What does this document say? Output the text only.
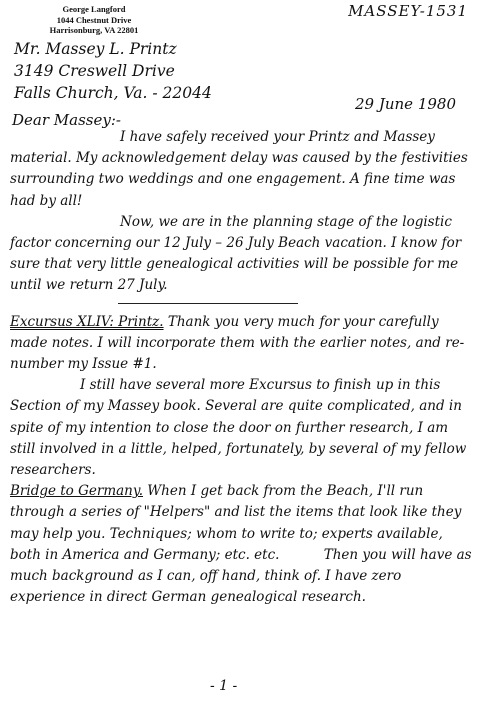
George Langford
1044 Chestnut Drive
Harrisonburg, VA 22801
MASSEY-1531
Mr. Massey L. Printz
3149 Creswell Drive
Falls Church, Va. - 22044
29 June 1980
Dear Massey:-

I have safely received your Printz and Massey material. My acknowledgement delay was caused by the festivities surrounding two weddings and one engagement. A fine time was had by all!

Now, we are in the planning stage of the logistic factor concerning our 12 July – 26 July Beach vacation. I know for sure that very little genealogical activities will be possible for me until we return 27 July.

Excursus XLIV: Printz. Thank you very much for your carefully made notes. I will incorporate them with the earlier notes, and re-number my Issue #1.

I still have several more Excursus to finish up in this Section of my Massey book. Several are quite complicated, and in spite of my intention to close the door on further research, I am still involved in a little, helped, fortunately, by several of my fellow researchers.

Bridge to Germany. When I get back from the Beach, I'll run through a series of "Helpers" and list the items that look like they may help you. Techniques; whom to write to; experts available, both in America and Germany; etc. etc.	Then you will have as much background as I can, off hand, think of. I have zero experience in direct German genealogical research.

- 1 -
